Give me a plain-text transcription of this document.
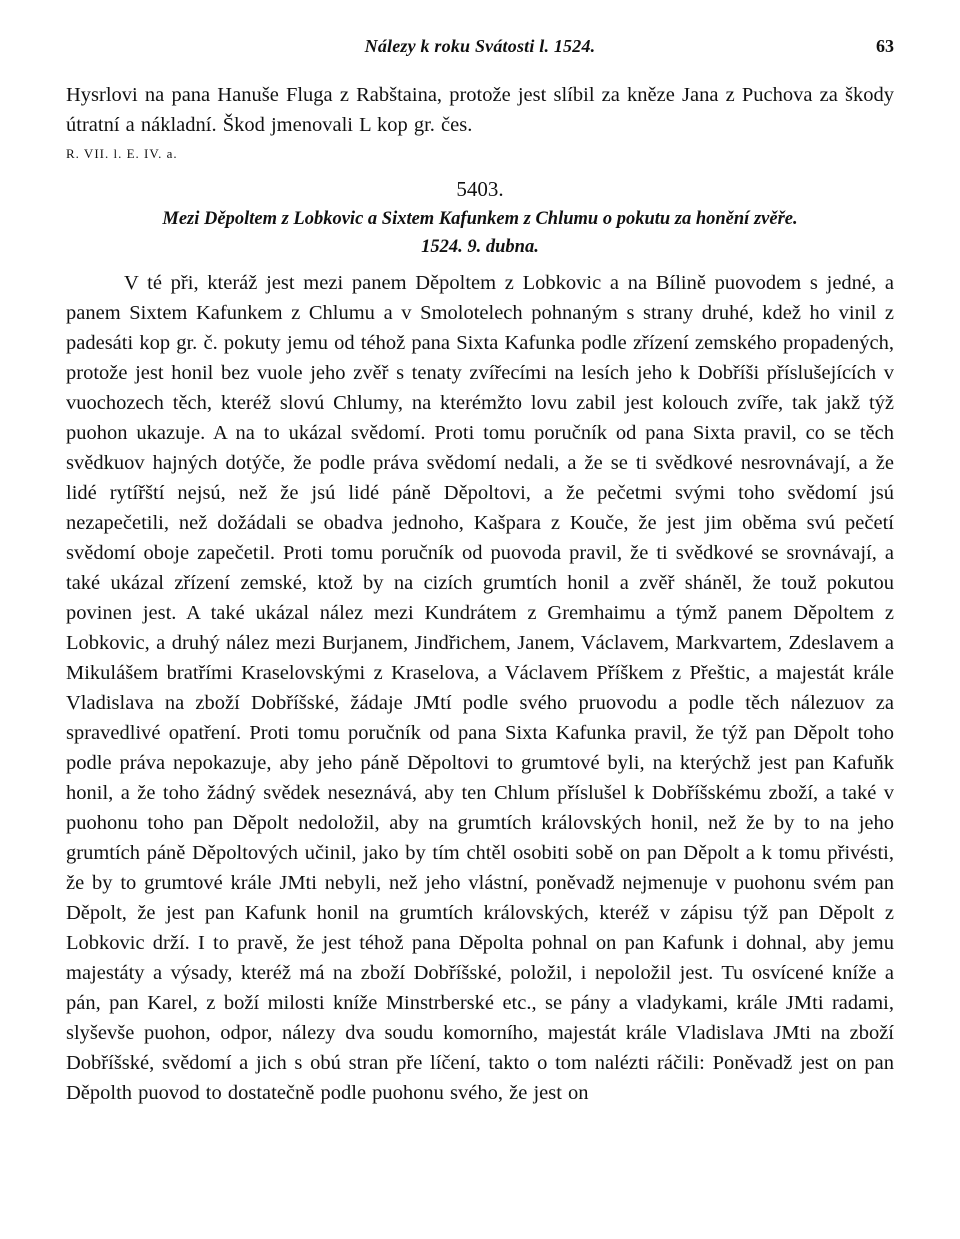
Nálezy k roku Svátosti l. 1524.	63

Hysrlovi na pana Hanuše Fluga z Rabštaina, protože jest slíbil za kněze Jana z Puchova za škody útratní a nákladní. Škod jmenovali L kop gr. čes.

R. VII. l. E. IV. a.

5403.
Mezi Děpoltem z Lobkovic a Sixtem Kafunkem z Chlumu o pokutu za honění zvěře.
1524. 9. dubna.

V té při, kteráž jest mezi panem Děpoltem z Lobkovic a na Bílině puovodem s jedné, a panem Sixtem Kafunkem z Chlumu a v Smolotelech pohnaným s strany druhé, kdež ho vinil z padesáti kop gr. č. pokuty jemu od téhož pana Sixta Kafunka podle zřízení zemského propadených, protože jest honil bez vuole jeho zvěř s tenaty zvířecími na lesích jeho k Dobříši příslušejících v vuochozech těch, kteréž slovú Chlumy, na kterémžto lovu zabil jest kolouch zvíře, tak jakž týž puohon ukazuje. A na to ukázal svědomí. Proti tomu poručník od pana Sixta pravil, co se těch svědkuov hajných dotýče, že podle práva svědomí nedali, a že se ti svědkové nesrovnávají, a že lidé rytířští nejsú, než že jsú lidé páně Děpoltovi, a že pečetmi svými toho svědomí jsú nezapečetili, než dožádali se obadva jednoho, Kašpara z Kouče, že jest jim oběma svú pečetí svědomí oboje zapečetil. Proti tomu poručník od puovoda pravil, že ti svědkové se srovnávají, a také ukázal zřízení zemské, ktož by na cizích grumtích honil a zvěř sháněl, že touž pokutou povinen jest. A také ukázal nález mezi Kundrátem z Gremhaimu a týmž panem Děpoltem z Lobkovic, a druhý nález mezi Burjanem, Jindřichem, Janem, Václavem, Markvartem, Zdeslavem a Mikulášem bratřími Kraselovskými z Kraselova, a Václavem Příškem z Přeštic, a majestát krále Vladislava na zboží Dobříšské, žádaje JMtí podle svého pruovodu a podle těch nálezuov za spravedlivé opatření. Proti tomu poručník od pana Sixta Kafunka pravil, že týž pan Děpolt toho podle práva nepokazuje, aby jeho páně Děpoltovi to grumtové byli, na kterýchž jest pan Kafuňk honil, a že toho žádný svědek neseznává, aby ten Chlum příslušel k Dobříšskému zboží, a také v puohonu toho pan Děpolt nedoložil, aby na grumtích královských honil, než že by to na jeho grumtích páně Děpoltových učinil, jako by tím chtěl osobiti sobě on pan Děpolt a k tomu přivésti, že by to grumtové krále JMti nebyli, než jeho vlástní, poněvadž nejmenuje v puohonu svém pan Děpolt, že jest pan Kafunk honil na grumtích královských, kteréž v zápisu týž pan Děpolt z Lobkovic drží. I to pravě, že jest téhož pana Děpolta pohnal on pan Kafunk i dohnal, aby jemu majestáty a výsady, kteréž má na zboží Dobříšské, položil, i nepoložil jest. Tu osvícené kníže a pán, pan Karel, z boží milosti kníže Minstrberské etc., se pány a vladykami, krále JMti radami, slyševše puohon, odpor, nálezy dva soudu komorního, majestát krále Vladislava JMti na zboží Dobříšské, svědomí a jich s obú stran pře líčení, takto o tom nalézti ráčili: Poněvadž jest on pan Děpolth puovod to dostatečně podle puohonu svého, že jest on
